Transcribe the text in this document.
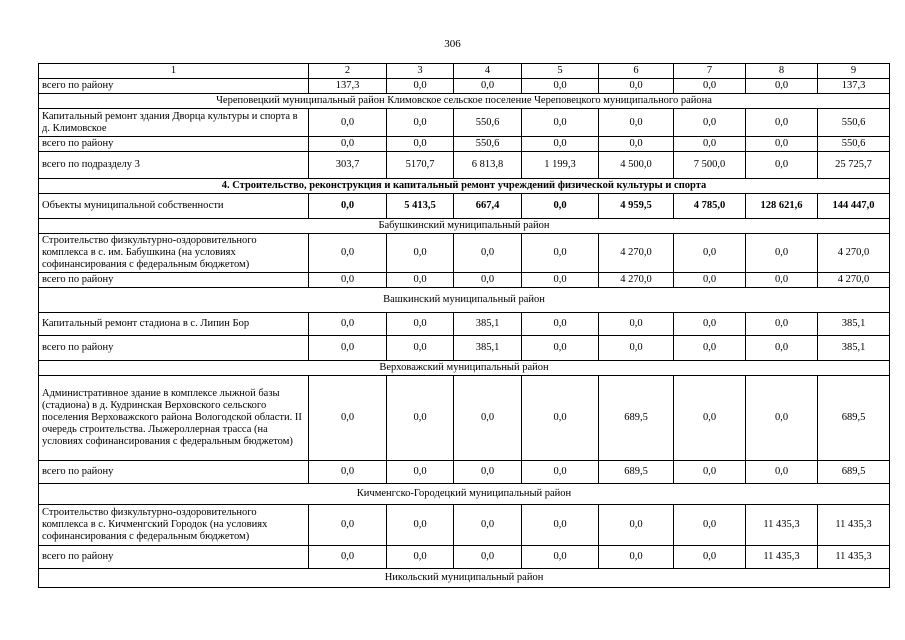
306
1	2	3	4	5	6	7	8	9
всего по району	137,3	0,0	0,0	0,0	0,0	0,0	0,0	137,3
Череповецкий муниципальный район Климовское сельское поселение Череповецкого муниципального района								
Капитальный ремонт здания Дворца культуры и спорта в д. Климовское	0,0	0,0	550,6	0,0	0,0	0,0	0,0	550,6
всего по району	0,0	0,0	550,6	0,0	0,0	0,0	0,0	550,6
всего по подразделу 3	303,7	5170,7	6 813,8	1 199,3	4 500,0	7 500,0	0,0	25 725,7
4. Строительство, реконструкция и капитальный ремонт учреждений физической культуры и спорта								
Объекты муниципальной собственности	0,0	5 413,5	667,4	0,0	4 959,5	4 785,0	128 621,6	144 447,0
Бабушкинский муниципальный район								
Строительство физкультурно-оздоровительного комплекса в с. им. Бабушкина (на условиях софинансирования с федеральным бюджетом)	0,0	0,0	0,0	0,0	4 270,0	0,0	0,0	4 270,0
всего по району	0,0	0,0	0,0	0,0	4 270,0	0,0	0,0	4 270,0
Вашкинский муниципальный район								
Капитальный ремонт стадиона в с. Липин Бор	0,0	0,0	385,1	0,0	0,0	0,0	0,0	385,1
всего по району	0,0	0,0	385,1	0,0	0,0	0,0	0,0	385,1
Верховажский муниципальный район								
Административное здание в комплексе лыжной базы (стадиона) в д. Кудринская Верховского сельского поселения Верховажского района Вологодской области. II очередь строительства. Лыжероллерная трасса (на условиях софинансирования с федеральным бюджетом)	0,0	0,0	0,0	0,0	689,5	0,0	0,0	689,5
всего по району	0,0	0,0	0,0	0,0	689,5	0,0	0,0	689,5
Кичменгско-Городецкий муниципальный район								
Строительство физкультурно-оздоровительного комплекса в с. Кичменгский Городок (на условиях софинансирования с федеральным бюджетом)	0,0	0,0	0,0	0,0	0,0	0,0	11 435,3	11 435,3
всего по району	0,0	0,0	0,0	0,0	0,0	0,0	11 435,3	11 435,3
Никольский муниципальный район								
